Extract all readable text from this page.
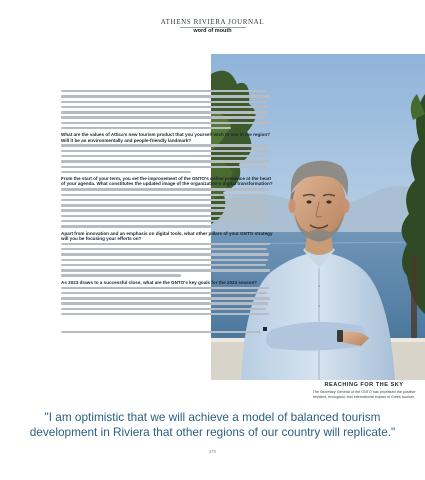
ATHENS RIVIERA JOURNAL
word of mouth

What are the values of Attica's new tourism product that you yourself wish to see in the region? Will it be an environmentally and people-friendly landmark?

From the start of your term, you set the improvement of the GNTO's online presence at the heart of your agenda. What constitutes the updated image of the organization's digital transformation?

Apart from innovation and an emphasis on digital tools, what other pillars of your GNTO strategy will you be focusing your efforts on?

As 2023 draws to a successful close, what are the GNTO's key goals for the 2024 season?

REACHING FOR THE SKY
The Secretary General of the GNTO has prioritised the positive resident, ecological, and international impact of Greek tourism.

"I am optimistic that we will achieve a model of balanced tourism development in Riviera that other regions of our country will replicate."

275
